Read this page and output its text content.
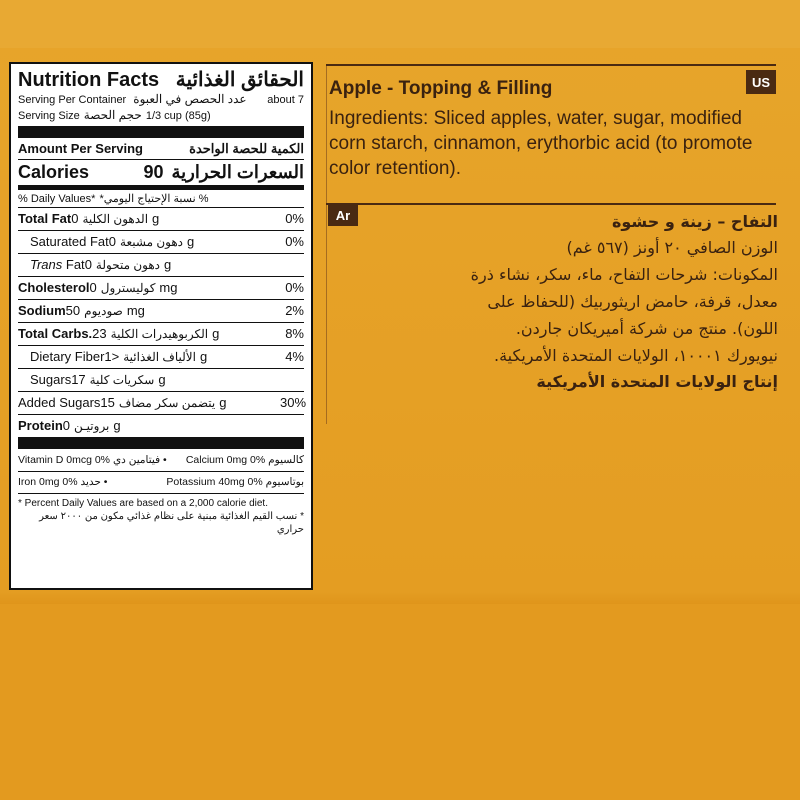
Nutrition Facts الحقائق الغذائية
Serving Per Container عدد الحصص في العبوة	about 7
Serving Size حجم الحصة 1/3 cup (85g)
Amount Per Serving	الكمية للحصة الواحدة
Calories	90 السعرات الحرارية
% Daily Values* *نسبة الإحتياج اليومي %
Total Fat الدهون الكلية0g	0%
Saturated Fat دهون مشبعة0g	0%
Trans Fat دهون متحولة0g
Cholesterol كوليسترول0mg	0%
Sodium صوديوم50mg	2%
Total Carbs. الكربوهيدرات الكلية23g	8%
Dietary Fiber الألياف الغذائية<1g	4%
Sugars سكريات كلية17g
Added Sugars يتضمن سكر مضاف15g	30%
Protein بروتيـن0g
Vitamin D 0mcg 0% فيتامين دي • Calcium 0mg 0% كالسيوم
Iron 0mg 0% حديد •	Potassium 40mg 0% بوتاسيوم
* Percent Daily Values are based on a 2,000 calorie diet.
* نسب القيم الغذائية مبنية على نظام غذائي مكون من ٢٠٠٠ سعر حراري
US
Apple - Topping & Filling
Ingredients: Sliced apples, water, sugar, modified corn starch, cinnamon, erythorbic acid (to promote color retention).
Ar	التفاح – زينة و حشوة
الوزن الصافي ٢٠ أونز (٥٦٧ غم)
المكونات: شرحات التفاح، ماء، سكر، نشاء ذرة
معدل، قرفة، حامض اريثوربيك (للحفاظ على
اللون). منتج من شركة أميريكان جاردن.
نيويورك ١٠٠٠١، الولايات المتحدة الأمريكية.
إنتاج الولايات المتحدة الأمريكية
